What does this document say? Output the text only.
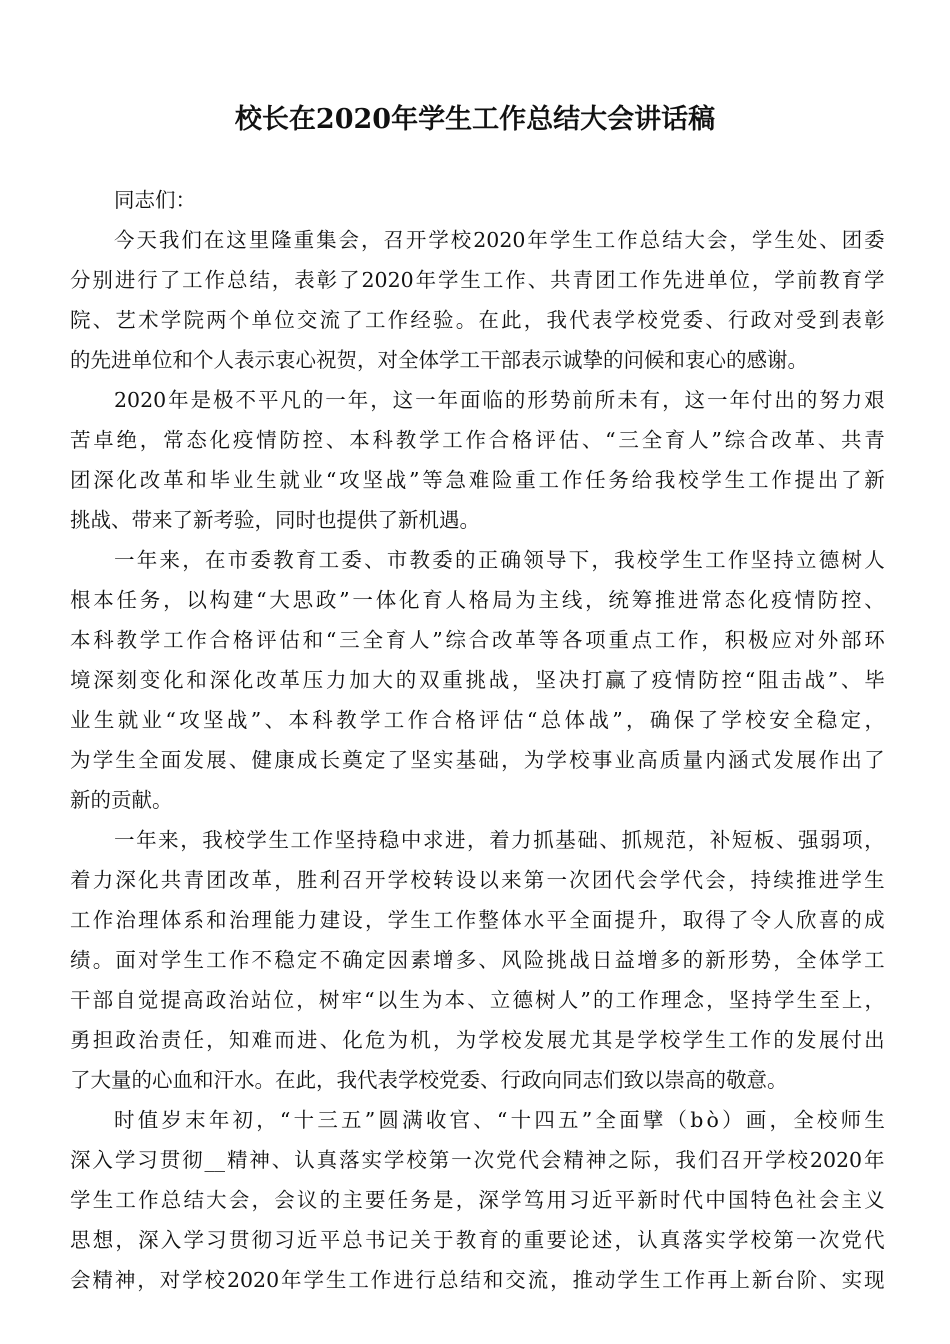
校长在2020年学生工作总结大会讲话稿
同志们：
今 天 我 们 在 这 里 隆 重 集 会 ， 召 开 学 校 2020 年 学 生 工 作 总 结 大 会 ， 学 生 处 、 团 委
分 别 进 行 了 工 作 总 结 ， 表 彰 了 2020 年 学 生 工 作 、 共 青 团 工 作 先 进 单 位 ， 学 前 教 育 学
院 、 艺 术 学 院 两 个 单 位 交 流 了 工 作 经 验 。 在 此 ， 我 代 表 学 校 党 委 、 行 政 对 受 到 表 彰
的先进单位和个人表示衷心祝贺，对全体学工干部表示诚挚的问候和衷心的感谢。
2020 年 是 极 不 平 凡 的 一 年 ， 这 一 年 面 临 的 形 势 前 所 未 有 ， 这 一 年 付 出 的 努 力 艰
苦 卓 绝 ， 常 态 化 疫 情 防 控 、 本 科 教 学 工 作 合 格 评 估 、 “ 三 全 育 人 ” 综 合 改 革 、 共 青
团 深 化 改 革 和 毕 业 生 就 业 “ 攻 坚 战 ” 等 急 难 险 重 工 作 任 务 给 我 校 学 生 工 作 提 出 了 新
挑战、带来了新考验，同时也提供了新机遇。
一 年 来 ， 在 市 委 教 育 工 委 、 市 教 委 的 正 确 领 导 下 ， 我 校 学 生 工 作 坚 持 立 德 树 人
根 本 任 务 ， 以 构 建 “ 大 思 政 ” 一 体 化 育 人 格 局 为 主 线 ， 统 筹 推 进 常 态 化 疫 情 防 控 、
本 科 教 学 工 作 合 格 评 估 和 “ 三 全 育 人 ” 综 合 改 革 等 各 项 重 点 工 作 ， 积 极 应 对 外 部 环
境 深 刻 变 化 和 深 化 改 革 压 力 加 大 的 双 重 挑 战 ， 坚 决 打 赢 了 疫 情 防 控 “ 阻 击 战 ” 、 毕
业 生 就 业 “ 攻 坚 战 ” 、 本 科 教 学 工 作 合 格 评 估 “ 总 体 战 ” ， 确 保 了 学 校 安 全 稳 定 ，
为 学 生 全 面 发 展 、 健 康 成 长 奠 定 了 坚 实 基 础 ， 为 学 校 事 业 高 质 量 内 涵 式 发 展 作 出 了
新的贡献。
一 年 来 ， 我 校 学 生 工 作 坚 持 稳 中 求 进 ， 着 力 抓 基 础 、 抓 规 范 ， 补 短 板 、 强 弱 项 ，
着 力 深 化 共 青 团 改 革 ， 胜 利 召 开 学 校 转 设 以 来 第 一 次 团 代 会 学 代 会 ， 持 续 推 进 学 生
工 作 治 理 体 系 和 治 理 能 力 建 设 ， 学 生 工 作 整 体 水 平 全 面 提 升 ， 取 得 了 令 人 欣 喜 的 成
绩 。 面 对 学 生 工 作 不 稳 定 不 确 定 因 素 增 多 、 风 险 挑 战 日 益 增 多 的 新 形 势 ， 全 体 学 工
干 部 自 觉 提 高 政 治 站 位 ， 树 牢 “ 以 生 为 本 、 立 德 树 人 ” 的 工 作 理 念 ， 坚 持 学 生 至 上 ，
勇 担 政 治 责 任 ， 知 难 而 进 、 化 危 为 机 ， 为 学 校 发 展 尤 其 是 学 校 学 生 工 作 的 发 展 付 出
了大量的心血和汗水。在此，我代表学校党委、行政向同志们致以崇高的敬意。
时 值 岁 末 年 初 ， “ 十 三 五 ” 圆 满 收 官 、 “ 十 四 五 ” 全 面 擘 （ b ò ） 画 ， 全 校 师 生
深 入 学 习 贯 彻 __ 精 神 、 认 真 落 实 学 校 第 一 次 党 代 会 精 神 之 际 ， 我 们 召 开 学 校 2020 年
学 生 工 作 总 结 大 会 ， 会 议 的 主 要 任 务 是 ， 深 学 笃 用 习 近 平 新 时 代 中 国 特 色 社 会 主 义
思 想 ， 深 入 学 习 贯 彻 习 近 平 总 书 记 关 于 教 育 的 重 要 论 述 ， 认 真 落 实 学 校 第 一 次 党 代
会 精 神 ， 对 学 校 2020 年 学 生 工 作 进 行 总 结 和 交 流 ， 推 动 学 生 工 作 再 上 新 台 阶 、 实 现
